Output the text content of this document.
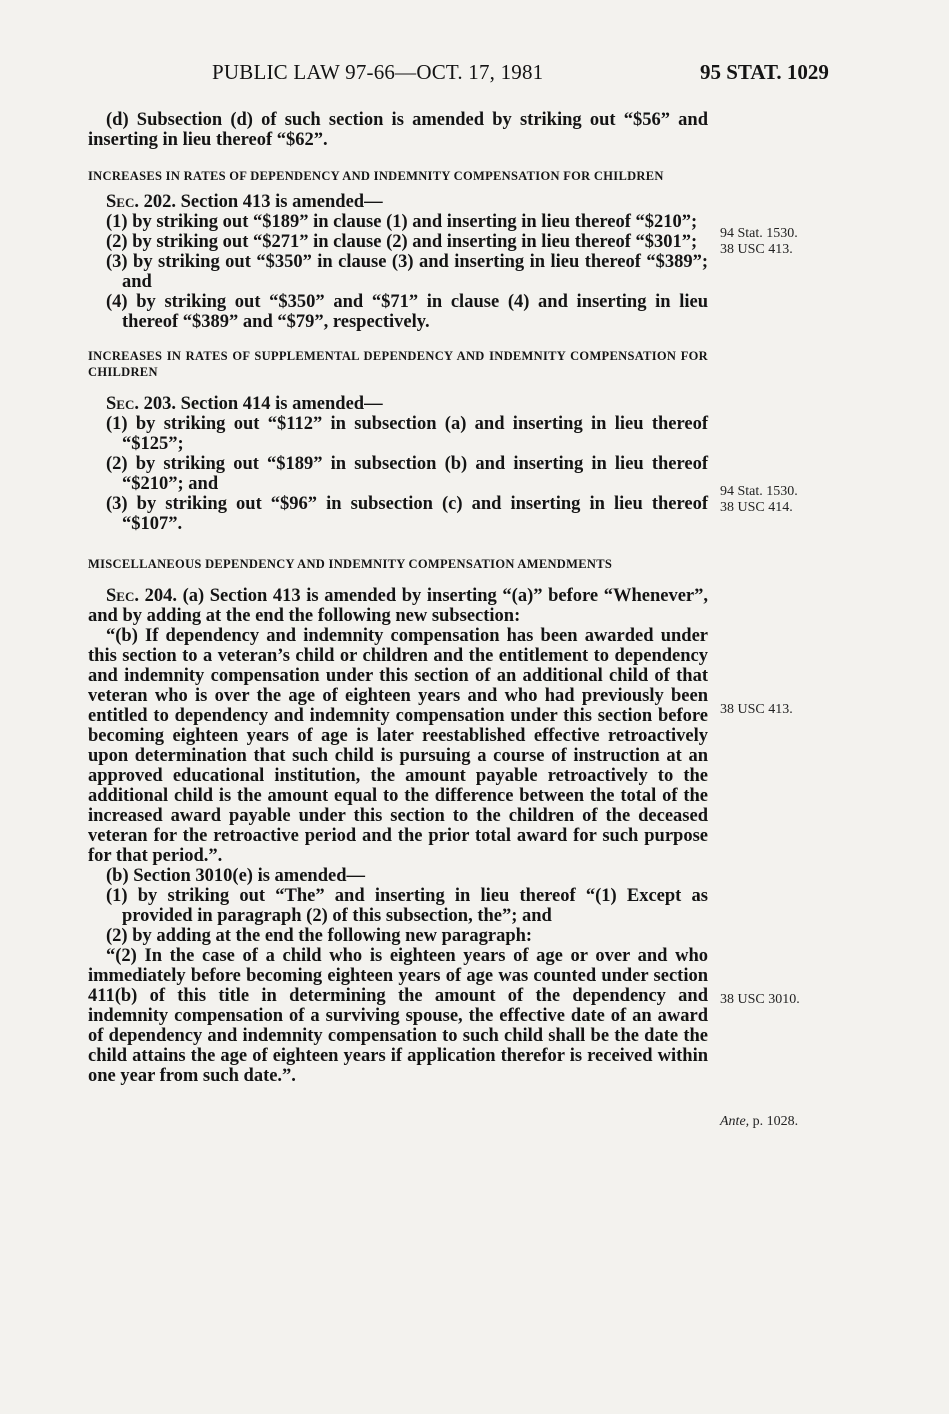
PUBLIC LAW 97-66—OCT. 17, 1981	95 STAT. 1029

(d) Subsection (d) of such section is amended by striking out “$56” and inserting in lieu thereof “$62”.

INCREASES IN RATES OF DEPENDENCY AND INDEMNITY COMPENSATION FOR CHILDREN

Sec. 202. Section 413 is amended—

(1) by striking out “$189” in clause (1) and inserting in lieu thereof “$210”;

(2) by striking out “$271” in clause (2) and inserting in lieu thereof “$301”;

(3) by striking out “$350” in clause (3) and inserting in lieu thereof “$389”; and

(4) by striking out “$350” and “$71” in clause (4) and inserting in lieu thereof “$389” and “$79”, respectively.

INCREASES IN RATES OF SUPPLEMENTAL DEPENDENCY AND INDEMNITY COMPENSATION FOR CHILDREN

Sec. 203. Section 414 is amended—

(1) by striking out “$112” in subsection (a) and inserting in lieu thereof “$125”;

(2) by striking out “$189” in subsection (b) and inserting in lieu thereof “$210”; and

(3) by striking out “$96” in subsection (c) and inserting in lieu thereof “$107”.

MISCELLANEOUS DEPENDENCY AND INDEMNITY COMPENSATION AMENDMENTS

Sec. 204. (a) Section 413 is amended by inserting “(a)” before “Whenever”, and by adding at the end the following new subsection:

“(b) If dependency and indemnity compensation has been awarded under this section to a veteran’s child or children and the entitlement to dependency and indemnity compensation under this section of an additional child of that veteran who is over the age of eighteen years and who had previously been entitled to dependency and indemnity compensation under this section before becoming eighteen years of age is later reestablished effective retroactively upon determination that such child is pursuing a course of instruction at an approved educational institution, the amount payable retroactively to the additional child is the amount equal to the difference between the total of the increased award payable under this section to the children of the deceased veteran for the retroactive period and the prior total award for such purpose for that period.”.

(b) Section 3010(e) is amended—

(1) by striking out “The” and inserting in lieu thereof “(1) Except as provided in paragraph (2) of this subsection, the”; and

(2) by adding at the end the following new paragraph:

“(2) In the case of a child who is eighteen years of age or over and who immediately before becoming eighteen years of age was counted under section 411(b) of this title in determining the amount of the dependency and indemnity compensation of a surviving spouse, the effective date of an award of dependency and indemnity compensation to such child shall be the date the child attains the age of eighteen years if application therefor is received within one year from such date.”.

94 Stat. 1530.
38 USC 413.
94 Stat. 1530.
38 USC 414.
38 USC 413.
38 USC 3010.
Ante, p. 1028.
